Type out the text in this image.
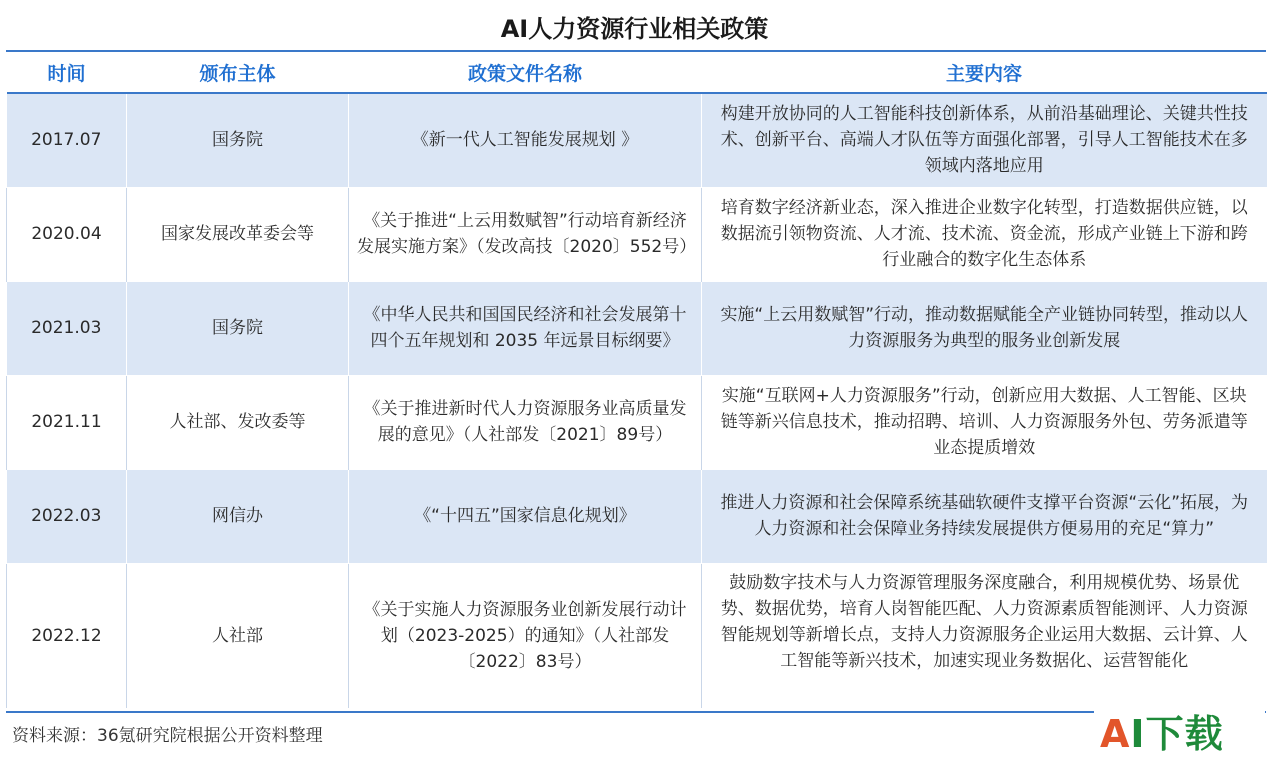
AI人力资源行业相关政策
时间	颁布主体	政策文件名称	主要内容
2017.07	国务院	《新一代人工智能发展规划 》	构建开放协同的人工智能科技创新体系，从前沿基础理论、关键共性技术、创新平台、高端人才队伍等方面强化部署，引导人工智能技术在多领域内落地应用
2020.04	国家发展改革委会等	《关于推进“上云用数赋智”行动培育新经济发展实施方案》（发改高技〔2020〕552号）	培育数字经济新业态，深入推进企业数字化转型，打造数据供应链，以数据流引领物资流、人才流、技术流、资金流，形成产业链上下游和跨行业融合的数字化生态体系
2021.03	国务院	《中华人民共和国国民经济和社会发展第十四个五年规划和 2035 年远景目标纲要》	实施“上云用数赋智”行动，推动数据赋能全产业链协同转型，推动以人力资源服务为典型的服务业创新发展
2021.11	人社部、发改委等	《关于推进新时代人力资源服务业高质量发展的意见》（人社部发〔2021〕89号）	实施“互联网+人力资源服务”行动，创新应用大数据、人工智能、区块链等新兴信息技术，推动招聘、培训、人力资源服务外包、劳务派遣等业态提质增效
2022.03	网信办	《“十四五”国家信息化规划》	推进人力资源和社会保障系统基础软硬件支撑平台资源“云化”拓展，为人力资源和社会保障业务持续发展提供方便易用的充足“算力”
2022.12	人社部	《关于实施人力资源服务业创新发展行动计划（2023-2025）的通知》（人社部发〔2022〕83号）	鼓励数字技术与人力资源管理服务深度融合，利用规模优势、场景优势、数据优势，培育人岗智能匹配、人力资源素质智能测评、人力资源智能规划等新增长点，支持人力资源服务企业运用大数据、云计算、人工智能等新兴技术，加速实现业务数据化、运营智能化
资料来源：36氪研究院根据公开资料整理	AI下载
